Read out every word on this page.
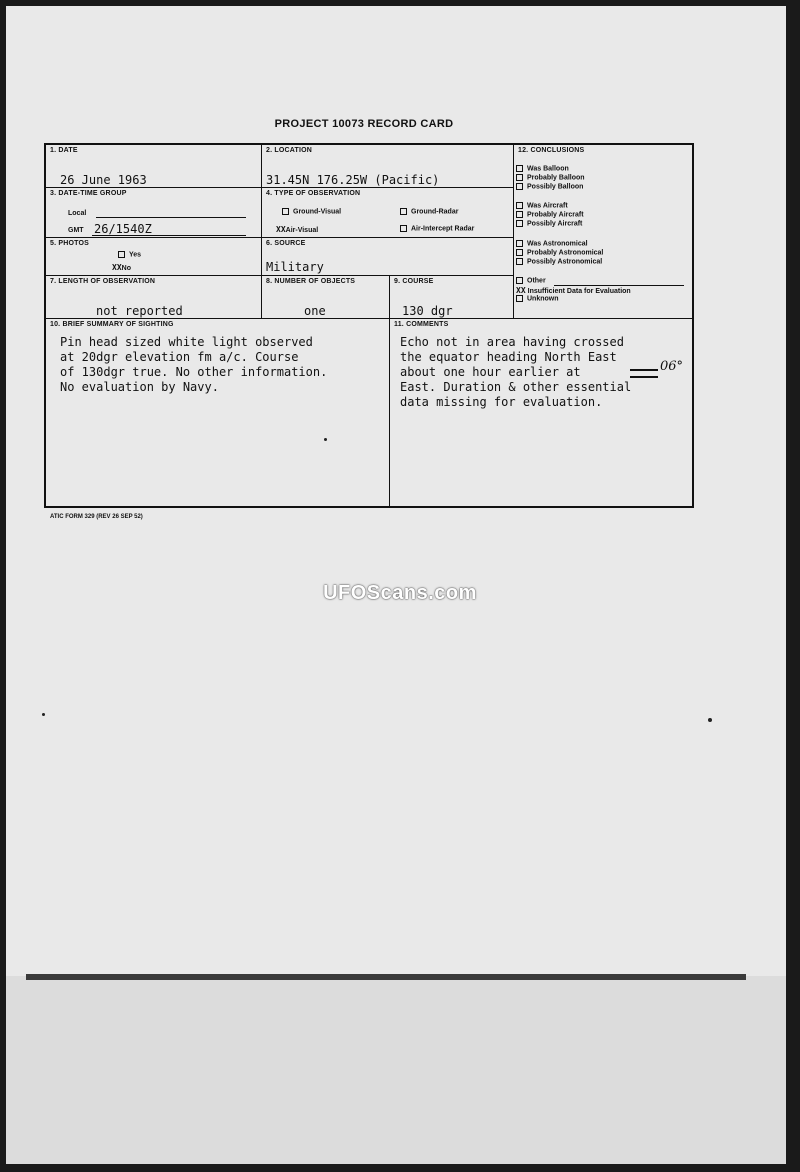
PROJECT 10073 RECORD CARD
1. DATE
26 June 1963
2. LOCATION
31.45N 176.25W (Pacific)
12. CONCLUSIONS
Was Balloon
Probably Balloon
Possibly Balloon
Was Aircraft
Probably Aircraft
Possibly Aircraft
Was Astronomical
Probably Astronomical
Possibly Astronomical
Other
XX Insufficient Data for Evaluation
Unknown
3. DATE-TIME GROUP
Local
GMT 26/1540Z
4. TYPE OF OBSERVATION
Ground-Visual	Ground-Radar
XXAir-Visual	Air-Intercept Radar
5. PHOTOS
Yes
XXNo
6. SOURCE
Military
7. LENGTH OF OBSERVATION
not reported
8. NUMBER OF OBJECTS
one
9. COURSE
130 dgr
10. BRIEF SUMMARY OF SIGHTING
Pin head sized white light observed
at 20dgr elevation fm a/c. Course
of 130dgr true. No other information.
No evaluation by Navy.
11. COMMENTS
Echo not in area having crossed
the equator heading North East
about one hour earlier at	06°
East. Duration & other essential
data missing for evaluation.
ATIC FORM 329 (REV 26 SEP 52)
UFOScans.com
